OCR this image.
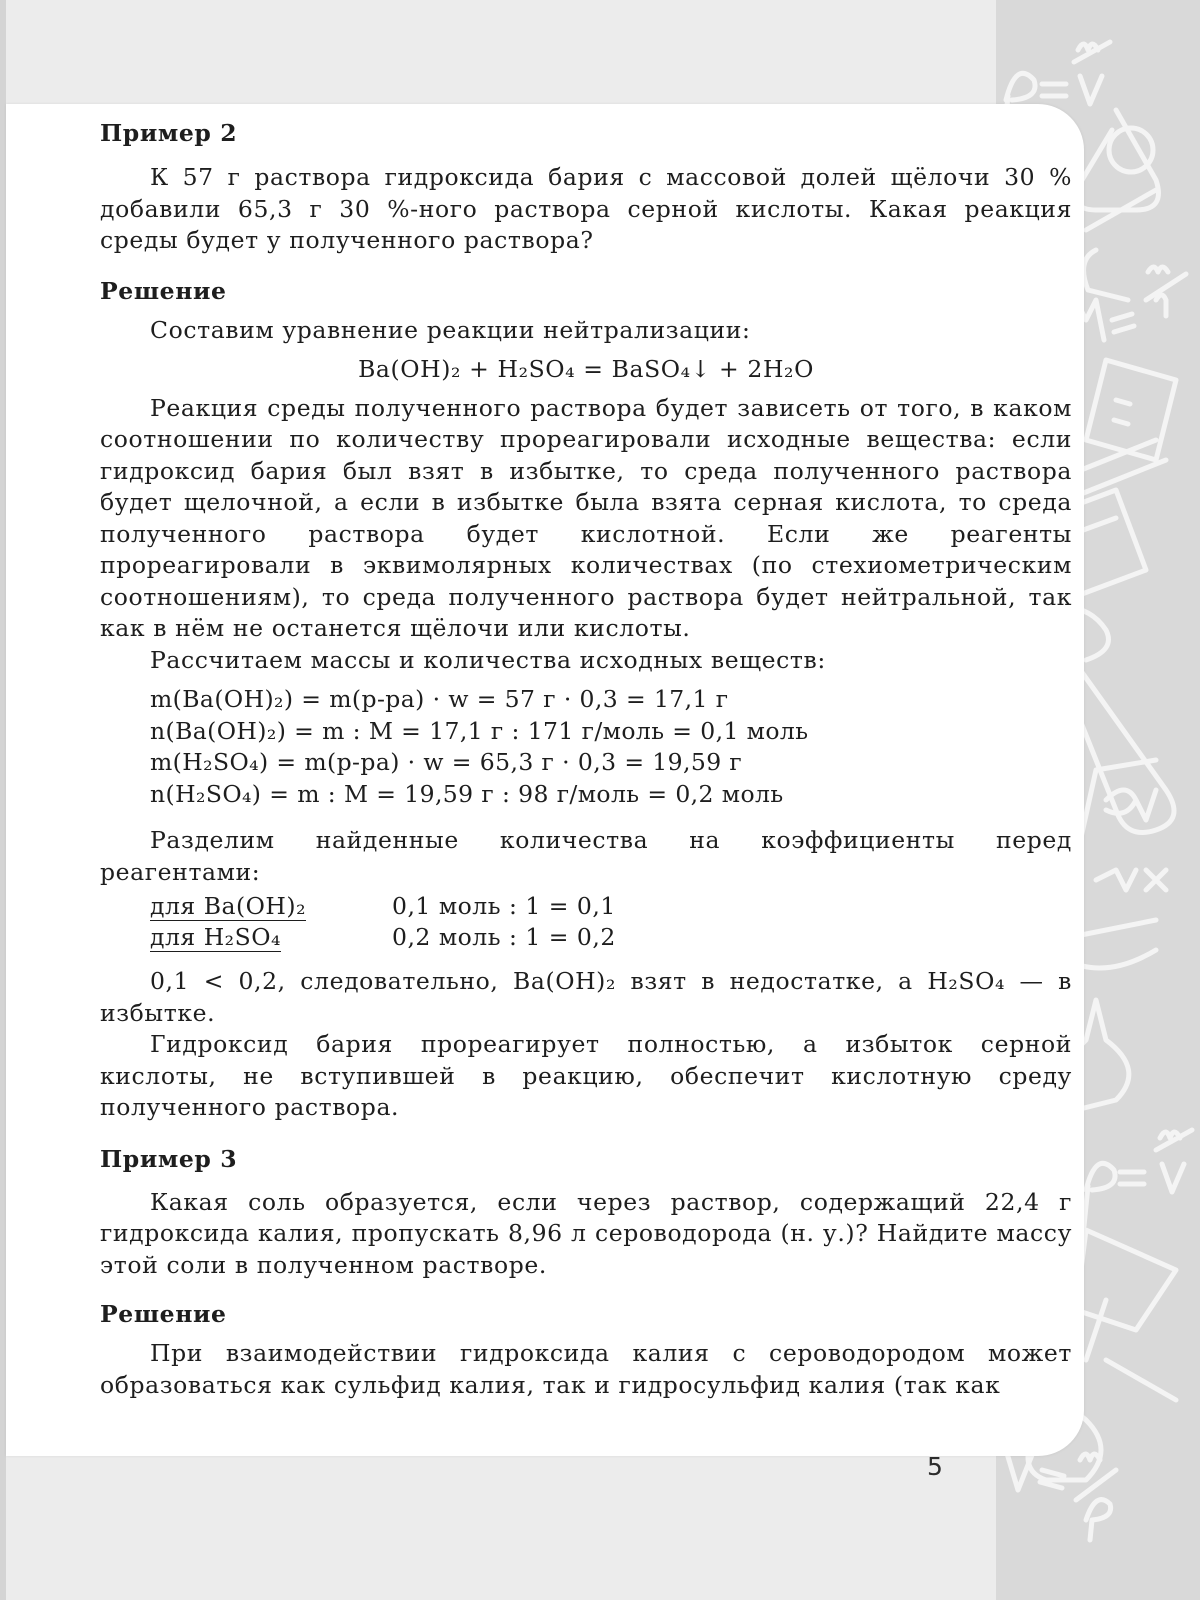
Пример 2

К 57 г раствора гидроксида бария с массовой долей щёлочи 30 % добавили 65,3 г 30 %-ного раствора серной кислоты. Какая реакция среды будет у полученного раствора?

Решение

Составим уравнение реакции нейтрализации:

Ba(OH)₂ + H₂SO₄ = BaSO₄↓ + 2H₂O

Реакция среды полученного раствора будет зависеть от того, в каком соотношении по количеству прореагировали исходные вещества: если гидроксид бария был взят в избытке, то среда полученного раствора будет щелочной, а если в избытке была взята серная кислота, то среда полученного раствора будет кислотной. Если же реагенты прореагировали в эквимолярных количествах (по стехиометрическим соотношениям), то среда полученного раствора будет нейтральной, так как в нём не останется щёлочи или кислоты.

Рассчитаем массы и количества исходных веществ:

m(Ba(OH)₂) = m(р-ра) · w = 57 г · 0,3 = 17,1 г

n(Ba(OH)₂) = m : M = 17,1 г : 171 г/моль = 0,1 моль

m(H₂SO₄) = m(р-ра) · w = 65,3 г · 0,3 = 19,59 г

n(H₂SO₄) = m : M = 19,59 г : 98 г/моль = 0,2 моль

Разделим найденные количества на коэффициенты перед реагентами:

для Ba(OH)₂	0,1 моль : 1 = 0,1
для H₂SO₄	0,2 моль : 1 = 0,2

0,1 < 0,2, следовательно, Ba(OH)₂ взят в недостатке, а H₂SO₄ — в избытке.

Гидроксид бария прореагирует полностью, а избыток серной кислоты, не вступившей в реакцию, обеспечит кислотную среду полученного раствора.

Пример 3

Какая соль образуется, если через раствор, содержащий 22,4 г гидроксида калия, пропускать 8,96 л сероводорода (н. у.)? Найдите массу этой соли в полученном растворе.

Решение

При взаимодействии гидроксида калия с сероводородом может образоваться как сульфид калия, так и гидросульфид калия (так как

5
